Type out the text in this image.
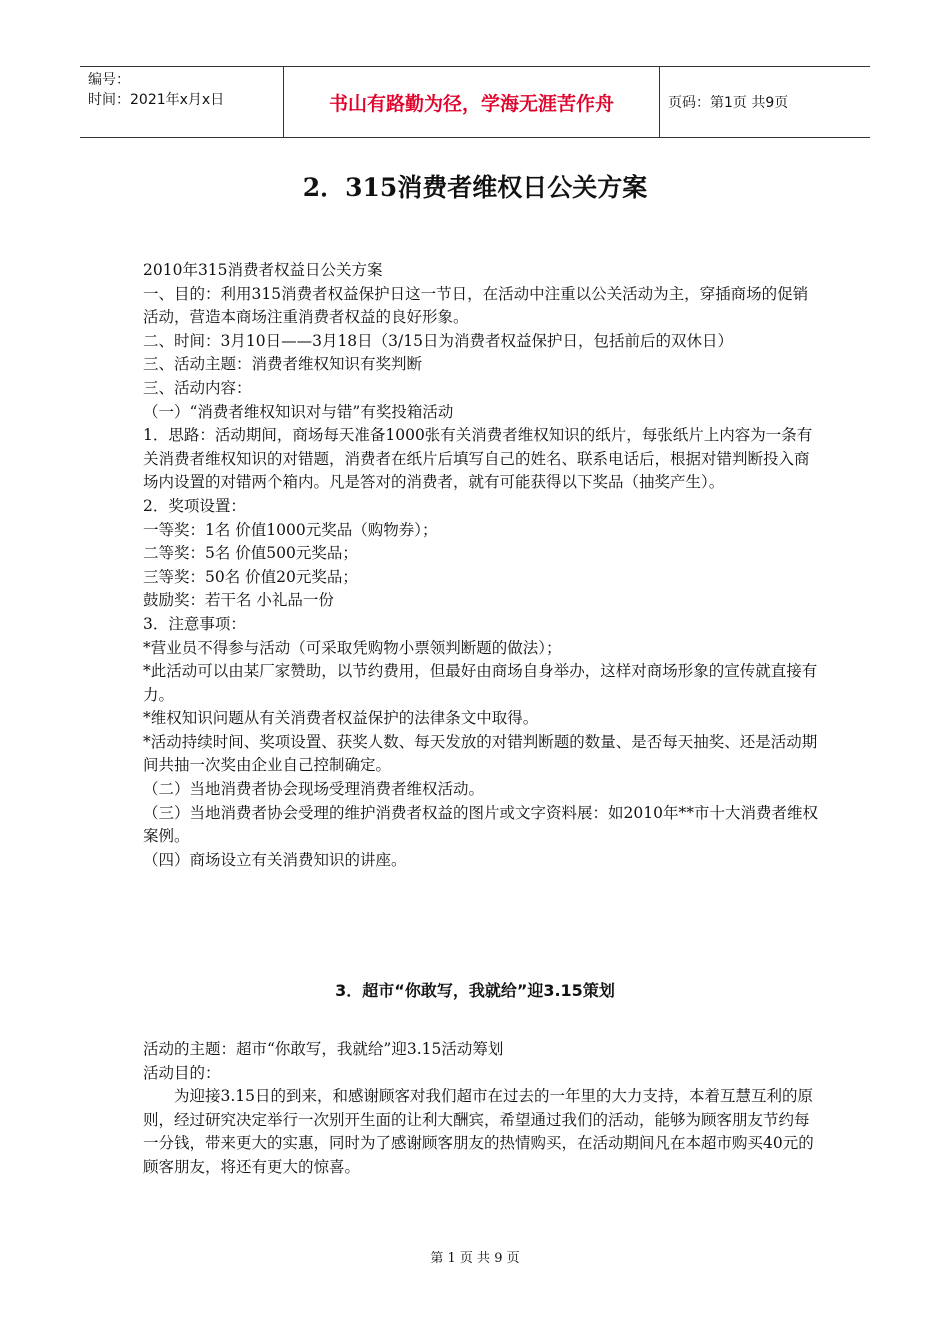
编号：
时间：2021年x月x日	书山有路勤为径，学海无涯苦作舟	页码：第1页 共9页
2．315消费者维权日公关方案

2010年315消费者权益日公关方案

一、目的：利用315消费者权益保护日这一节日，在活动中注重以公关活动为主，穿插商场的促销活动，营造本商场注重消费者权益的良好形象。

二、时间：3月10日——3月18日（3/15日为消费者权益保护日，包括前后的双休日）

三、活动主题：消费者维权知识有奖判断

三、活动内容：

（一）“消费者维权知识对与错”有奖投箱活动

1．思路：活动期间，商场每天准备1000张有关消费者维权知识的纸片，每张纸片上内容为一条有关消费者维权知识的对错题，消费者在纸片后填写自己的姓名、联系电话后，根据对错判断投入商场内设置的对错两个箱内。凡是答对的消费者，就有可能获得以下奖品（抽奖产生）。

2．奖项设置：

一等奖：1名 价值1000元奖品（购物券）；

二等奖：5名 价值500元奖品；

三等奖：50名 价值20元奖品；

鼓励奖：若干名 小礼品一份

3．注意事项：

*营业员不得参与活动（可采取凭购物小票领判断题的做法）；

*此活动可以由某厂家赞助，以节约费用，但最好由商场自身举办，这样对商场形象的宣传就直接有力。

*维权知识问题从有关消费者权益保护的法律条文中取得。

*活动持续时间、奖项设置、获奖人数、每天发放的对错判断题的数量、是否每天抽奖、还是活动期间共抽一次奖由企业自己控制确定。

（二）当地消费者协会现场受理消费者维权活动。

（三）当地消费者协会受理的维护消费者权益的图片或文字资料展：如2010年**市十大消费者维权案例。

（四）商场设立有关消费知识的讲座。

3．超市“你敢写，我就给”迎3.15策划

活动的主题：超市“你敢写，我就给”迎3.15活动筹划

活动目的：

为迎接3.15日的到来，和感谢顾客对我们超市在过去的一年里的大力支持，本着互慧互利的原则，经过研究决定举行一次别开生面的让利大酬宾，希望通过我们的活动，能够为顾客朋友节约每一分钱，带来更大的实惠，同时为了感谢顾客朋友的热情购买，在活动期间凡在本超市购买40元的顾客朋友，将还有更大的惊喜。

第 1 页 共 9 页
